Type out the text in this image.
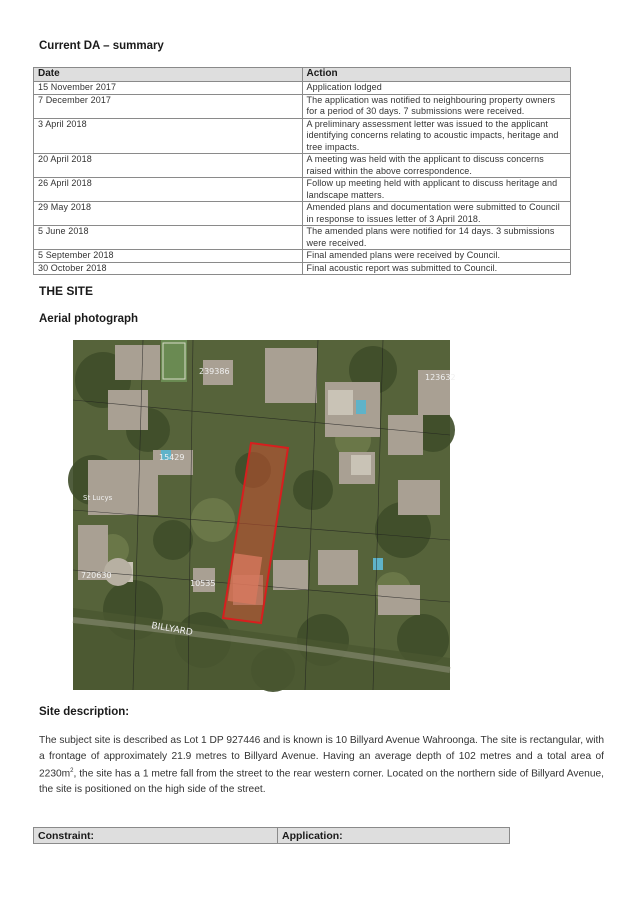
Current DA – summary
Date	Action
15 November 2017	Application lodged
7 December 2017	The application was notified to neighbouring property owners for a period of 30 days. 7 submissions were received.
3 April 2018	A preliminary assessment letter was issued to the applicant identifying concerns relating to acoustic impacts, heritage and tree impacts.
20 April 2018	A meeting was held with the applicant to discuss concerns raised within the above correspondence.
26 April 2018	Follow up meeting held with applicant to discuss heritage and landscape matters.
29 May 2018	Amended plans and documentation were submitted to Council in response to issues letter of 3 April 2018.
5 June 2018	The amended plans were notified for 14 days. 3 submissions were received.
5 September 2018	Final amended plans were received by Council.
30 October 2018	Final acoustic report was submitted to Council.
THE SITE
Aerial photograph
15429
720630
10535
239386
123632
St Lucys
BILLYARD
Site description:
The subject site is described as Lot 1 DP 927446 and is known is 10 Billyard Avenue Wahroonga. The site is rectangular, with a frontage of approximately 21.9 metres to Billyard Avenue. Having an average depth of 102 metres and a total area of $2230m^2$, the site has a 1 metre fall from the street to the rear western corner. Located on the northern side of Billyard Avenue, the site is positioned on the high side of the street.
Constraint:	Application:
